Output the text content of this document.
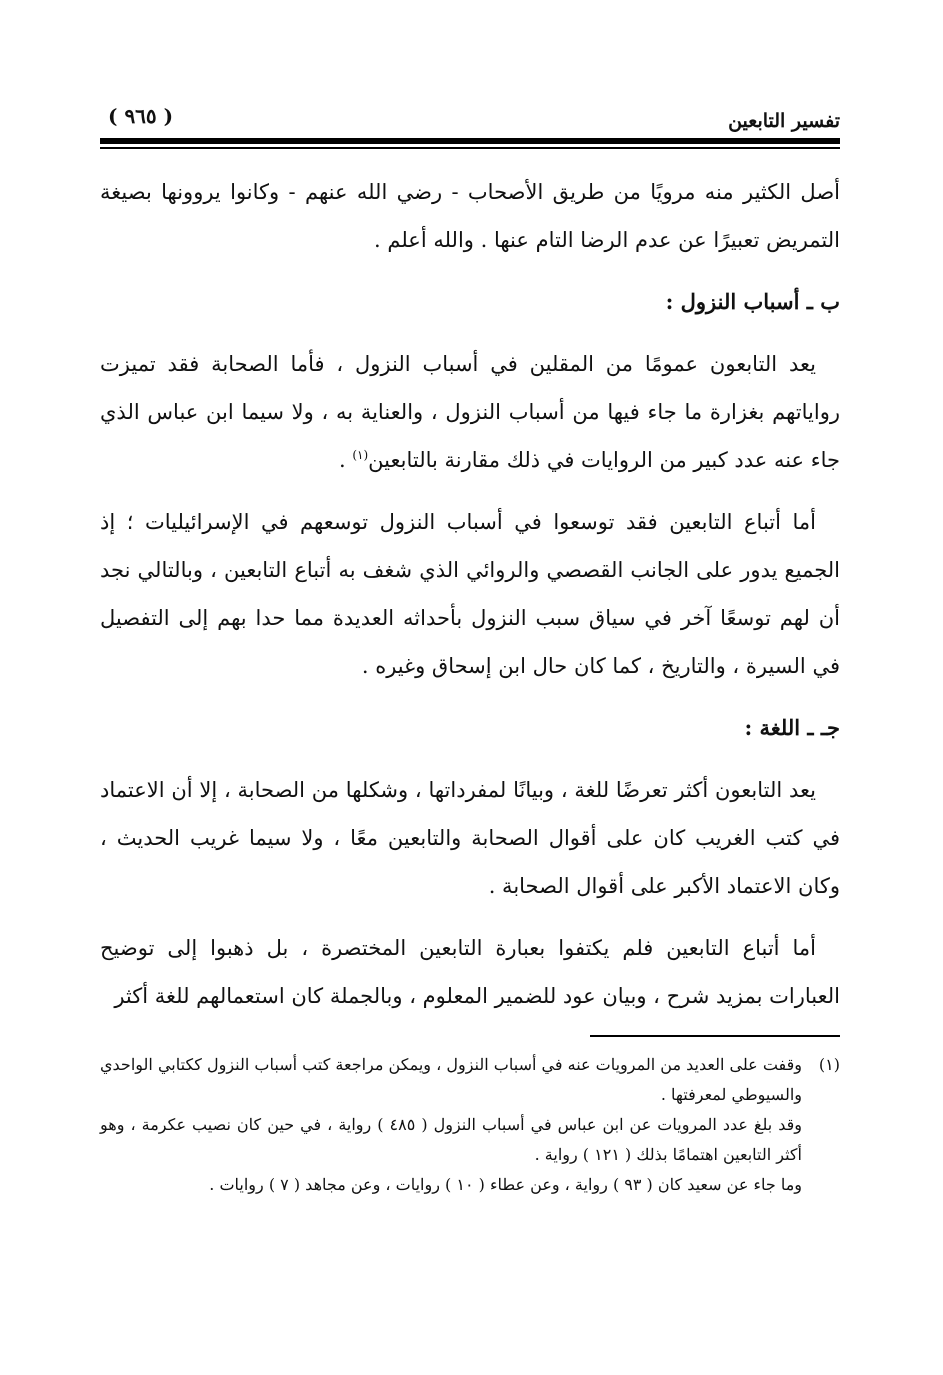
تفسير التابعين
( ٩٦٥ )

أصل الكثير منه مرويًا من طريق الأصحاب - رضي الله عنهم - وكانوا يروونها بصيغة التمريض تعبيرًا عن عدم الرضا التام عنها . والله أعلم .

ب ـ أسباب النزول :

يعد التابعون عمومًا من المقلين في أسباب النزول ، فأما الصحابة فقد تميزت رواياتهم بغزارة ما جاء فيها من أسباب النزول ، والعناية به ، ولا سيما ابن عباس الذي جاء عنه عدد كبير من الروايات في ذلك مقارنة بالتابعين$^{(١)}$ .

أما أتباع التابعين فقد توسعوا في أسباب النزول توسعهم في الإسرائيليات ؛ إذ الجميع يدور على الجانب القصصي والروائي الذي شغف به أتباع التابعين ، وبالتالي نجد أن لهم توسعًا آخر في سياق سبب النزول بأحداثه العديدة مما حدا بهم إلى التفصيل في السيرة ، والتاريخ ، كما كان حال ابن إسحاق وغيره .

جـ ـ اللغة :

يعد التابعون أكثر تعرضًا للغة ، وبيانًا لمفرداتها ، وشكلها من الصحابة ، إلا أن الاعتماد في كتب الغريب كان على أقوال الصحابة والتابعين معًا ، ولا سيما غريب الحديث ، وكان الاعتماد الأكبر على أقوال الصحابة .

أما أتباع التابعين فلم يكتفوا بعبارة التابعين المختصرة ، بل ذهبوا إلى توضيح العبارات بمزيد شرح ، وبيان عود للضمير المعلوم ، وبالجملة كان استعمالهم للغة أكثر

(١)
وقفت على العديد من المرويات عنه في أسباب النزول ، ويمكن مراجعة كتب أسباب النزول ككتابي الواحدي والسيوطي لمعرفتها .
وقد بلغ عدد المرويات عن ابن عباس في أسباب النزول ( ٤٨٥ ) رواية ، في حين كان نصيب عكرمة ، وهو أكثر التابعين اهتمامًا بذلك ( ١٢١ ) رواية .
وما جاء عن سعيد كان ( ٩٣ ) رواية ، وعن عطاء ( ١٠ ) روايات ، وعن مجاهد ( ٧ ) روايات .
